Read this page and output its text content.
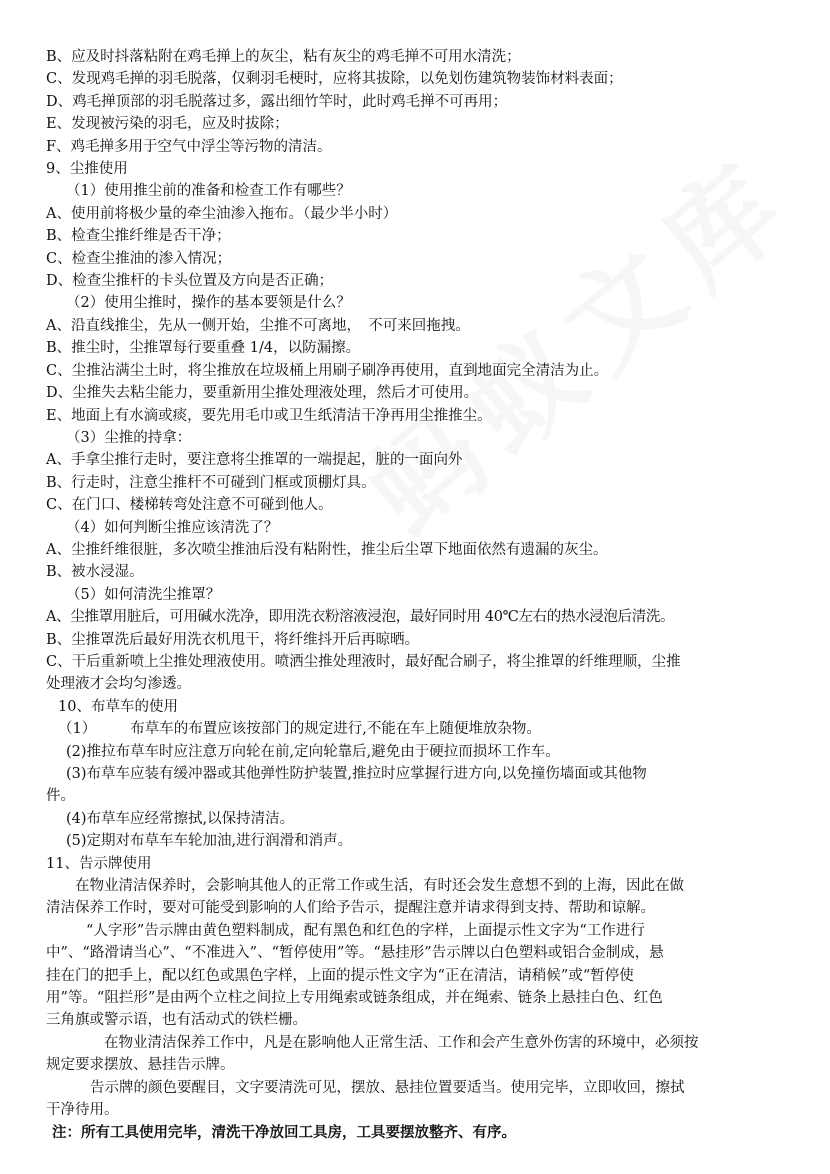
B、应及时抖落粘附在鸡毛掸上的灰尘，粘有灰尘的鸡毛掸不可用水清洗；
C、发现鸡毛掸的羽毛脱落，仅剩羽毛梗时，应将其拔除，以免划伤建筑物装饰材料表面；
D、鸡毛掸顶部的羽毛脱落过多，露出细竹竿时，此时鸡毛掸不可再用；
E、发现被污染的羽毛，应及时拔除；
F、鸡毛掸多用于空气中浮尘等污物的清洁。
9、尘推使用
（1）使用推尘前的准备和检查工作有哪些？
A、使用前将极少量的牵尘油渗入拖布。（最少半小时）
B、检查尘推纤维是否干净；
C、检查尘推油的渗入情况；
D、检查尘推杆的卡头位置及方向是否正确；
（2）使用尘推时，操作的基本要领是什么？
A、沿直线推尘，先从一侧开始，尘推不可离地，　不可来回拖拽。
B、推尘时，尘推罩每行要重叠 1/4，以防漏擦。
C、尘推沾满尘土时，将尘推放在垃圾桶上用刷子刷净再使用，直到地面完全清洁为止。
D、尘推失去粘尘能力，要重新用尘推处理液处理，然后才可使用。
E、地面上有水滴或痰，要先用毛巾或卫生纸清洁干净再用尘推推尘。
（3）尘推的持拿：
A、手拿尘推行走时，要注意将尘推罩的一端提起，脏的一面向外
B、行走时，注意尘推杆不可碰到门框或顶棚灯具。
C、在门口、楼梯转弯处注意不可碰到他人。
（4）如何判断尘推应该清洗了？
A、尘推纤维很脏，多次喷尘推油后没有粘附性，推尘后尘罩下地面依然有遗漏的灰尘。
B、被水浸湿。
（5）如何清洗尘推罩？
A、尘推罩用脏后，可用碱水洗净，即用洗衣粉溶液浸泡，最好同时用 40℃左右的热水浸泡后清洗。
B、尘推罩洗后最好用洗衣机甩干，将纤维抖开后再晾晒。
C、干后重新喷上尘推处理液使用。喷洒尘推处理液时，最好配合刷子，将尘推罩的纤维理顺，尘推
处理液才会均匀渗透。
10、布草车的使用
（1） 布草车的布置应该按部门的规定进行,不能在车上随便堆放杂物。
(2)推拉布草车时应注意万向轮在前,定向轮靠后,避免由于硬拉而损坏工作车。
(3)布草车应装有缓冲器或其他弹性防护装置,推拉时应掌握行进方向,以免撞伤墙面或其他物
件。
(4)布草车应经常擦拭,以保持清洁。
(5)定期对布草车车轮加油,进行润滑和消声。
11、告示牌使用
在物业清洁保养时，会影响其他人的正常工作或生活，有时还会发生意想不到的上海，因此在做
清洁保养工作时，要对可能受到影响的人们给予告示，提醒注意并请求得到支持、帮助和谅解。
“人字形”告示牌由黄色塑料制成，配有黑色和红色的字样，上面提示性文字为“工作进行
中”、“路滑请当心”、“不准进入”、“暂停使用”等。“悬挂形”告示牌以白色塑料或铝合金制成，悬
挂在门的把手上，配以红色或黑色字样，上面的提示性文字为“正在清洁，请稍候”或“暂停使
用”等。“阻拦形”是由两个立柱之间拉上专用绳索或链条组成，并在绳索、链条上悬挂白色、红色
三角旗或警示语，也有活动式的铁栏栅。
在物业清洁保养工作中，凡是在影响他人正常生活、工作和会产生意外伤害的环境中，必须按
规定要求摆放、悬挂告示牌。
告示牌的颜色要醒目，文字要清洗可见，摆放、悬挂位置要适当。使用完毕，立即收回，擦拭
干净待用。
注：所有工具使用完毕，清洗干净放回工具房，工具要摆放整齐、有序。
